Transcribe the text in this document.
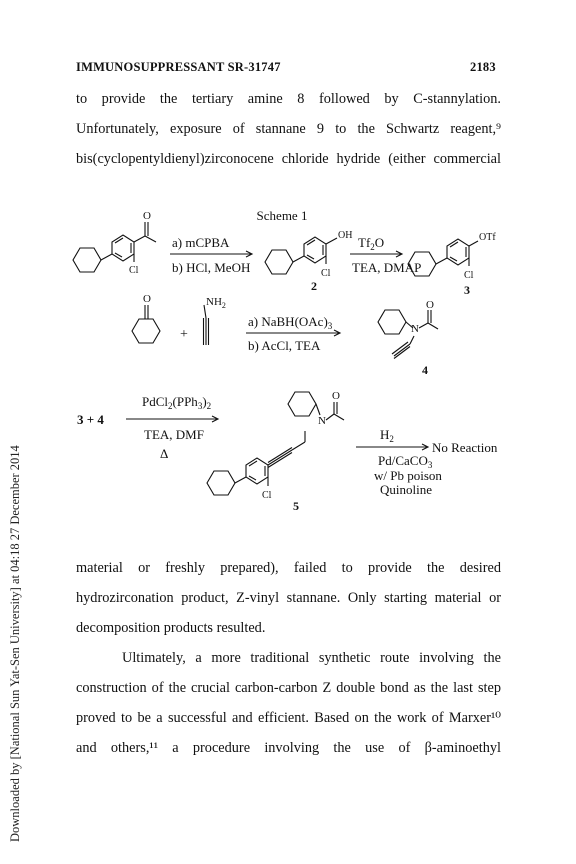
IMMUNOSUPPRESSANT SR-31747	2183
to provide the tertiary amine 8 followed by C-stannylation.
Unfortunately, exposure of stannane 9 to the Schwartz reagent,⁹
bis(cyclopentyldienyl)zirconocene chloride hydride (either commercial
Scheme 1
O
Cl
a) mCPBA
b) HCl, MeOH
OH
Cl
2
$Tf_2O$
TEA, DMAP
OTf
Cl
3
O
+
$NH_2$
a) $NaBH(OAc)_3$
b) AcCl, TEA
N
O
4
3 + 4
$PdCl_2(PPh_3)_2$
TEA, DMF
Δ
Cl
5
N
O
$H_2$
Pd/CaCO$_3$
w/ Pb poison
Quinoline
No Reaction
material or freshly prepared), failed to provide the desired
hydrozirconation product, Z-vinyl stannane. Only starting material or
decomposition products resulted.
Ultimately, a more traditional synthetic route involving the
construction of the crucial carbon-carbon Z double bond as the last step
proved to be a successful and efficient. Based on the work of Marxer¹⁰
and others,¹¹ a procedure involving the use of β-aminoethyl
Downloaded by [National Sun Yat-Sen University] at 04:18 27 December 2014
